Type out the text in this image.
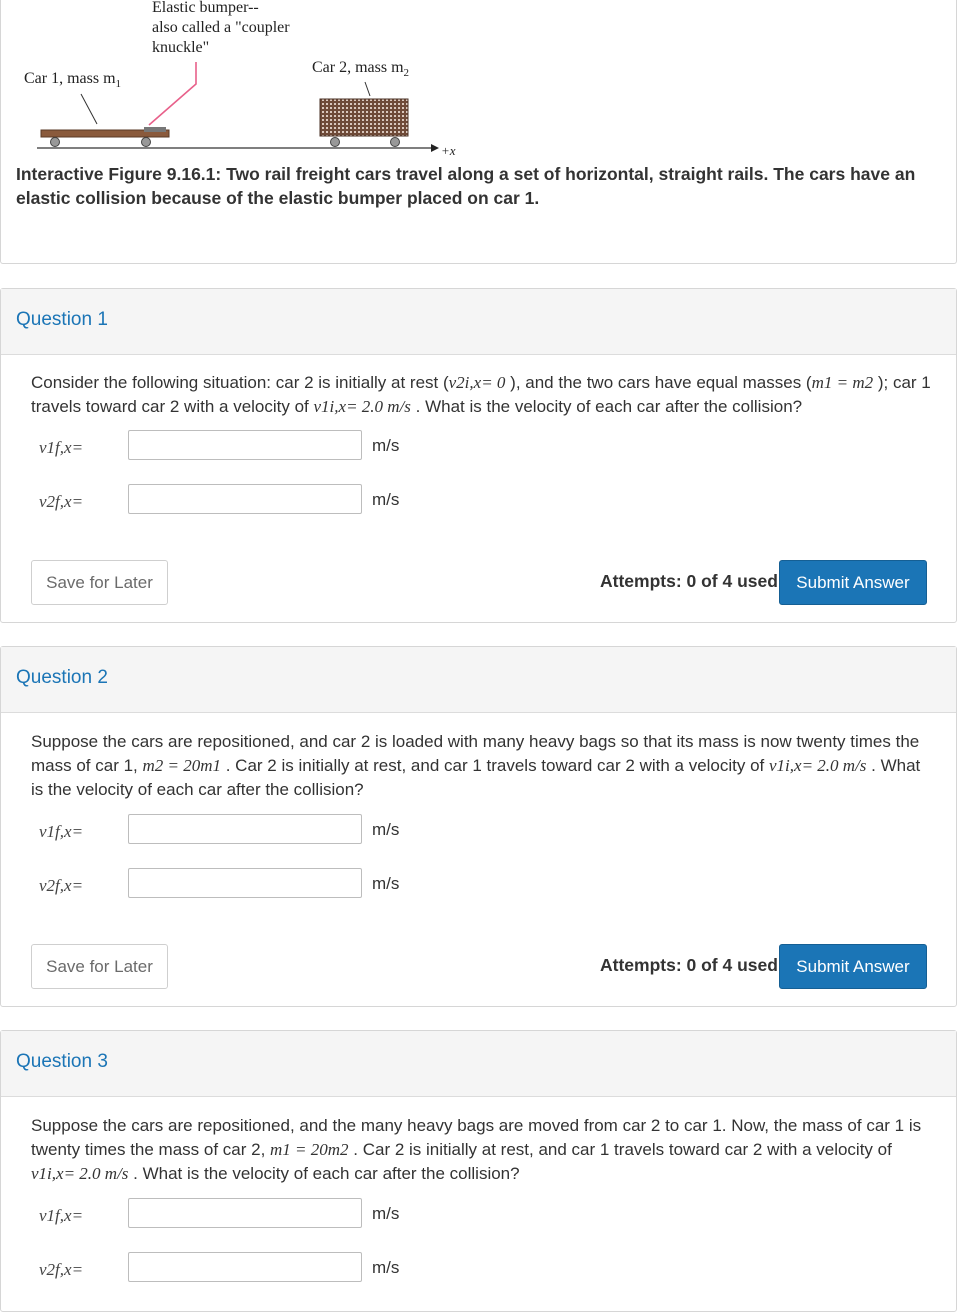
Elastic bumper--
also called a "coupler
knuckle"
Car 1, mass $m_1$
Car 2, mass $m_2$
+x
Interactive Figure 9.16.1: Two rail freight cars travel along a set of horizontal, straight rails. The cars have an elastic collision because of the elastic bumper placed on car 1.
Question 1
Consider the following situation: car 2 is initially at rest (v2i,x= 0 ), and the two cars have equal masses (m1 = m2 ); car 1 travels toward car 2 with a velocity of v1i,x= 2.0 m/s . What is the velocity of each car after the collision?
v1f,x=	m/s
v2f,x=	m/s
Save for Later	Attempts: 0 of 4 used	Submit Answer
Question 2
Suppose the cars are repositioned, and car 2 is loaded with many heavy bags so that its mass is now twenty times the mass of car 1, m2 = 20m1 . Car 2 is initially at rest, and car 1 travels toward car 2 with a velocity of v1i,x= 2.0 m/s . What is the velocity of each car after the collision?
v1f,x=	m/s
v2f,x=	m/s
Save for Later	Attempts: 0 of 4 used	Submit Answer
Question 3
Suppose the cars are repositioned, and the many heavy bags are moved from car 2 to car 1. Now, the mass of car 1 is twenty times the mass of car 2, m1 = 20m2 . Car 2 is initially at rest, and car 1 travels toward car 2 with a velocity of v1i,x= 2.0 m/s . What is the velocity of each car after the collision?
v1f,x=	m/s
v2f,x=	m/s
